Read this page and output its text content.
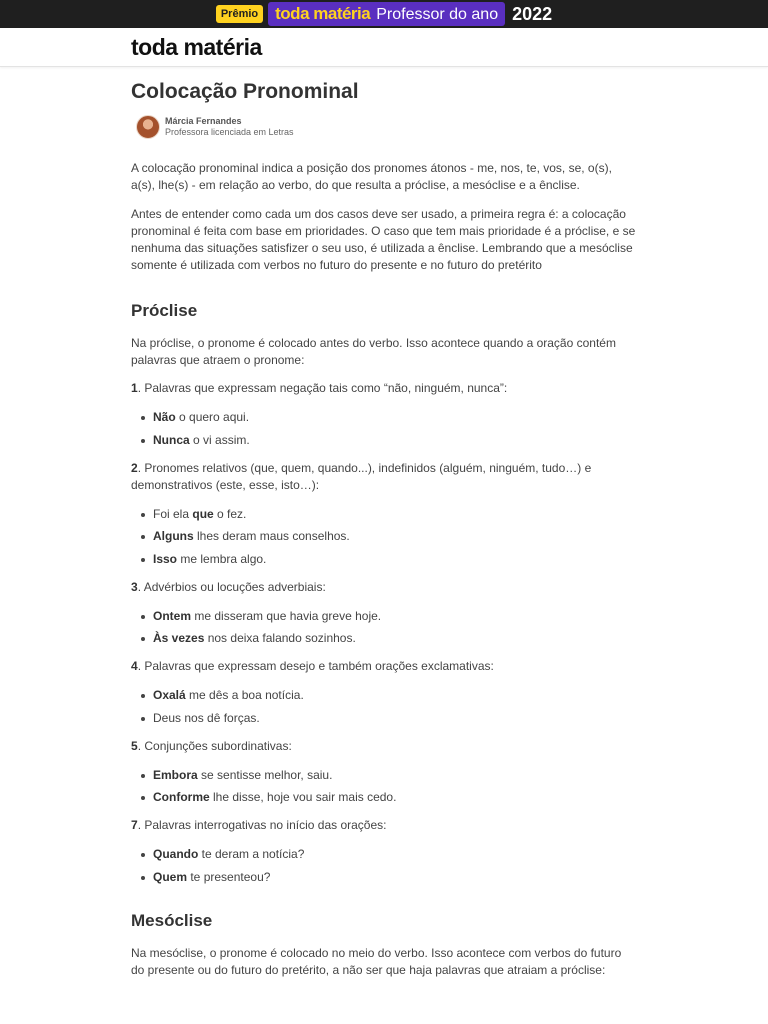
Prêmio toda matéria Professor do ano 2022
toda matéria
Colocação Pronominal
Márcia Fernandes
Professora licenciada em Letras

A colocação pronominal indica a posição dos pronomes átonos - me, nos, te, vos, se, o(s), a(s), lhe(s) - em relação ao verbo, do que resulta a próclise, a mesóclise e a ênclise.

Antes de entender como cada um dos casos deve ser usado, a primeira regra é: a colocação pronominal é feita com base em prioridades. O caso que tem mais prioridade é a próclise, e se nenhuma das situações satisfizer o seu uso, é utilizada a ênclise. Lembrando que a mesóclise somente é utilizada com verbos no futuro do presente e no futuro do pretérito

Próclise

Na próclise, o pronome é colocado antes do verbo. Isso acontece quando a oração contém palavras que atraem o pronome:

1. Palavras que expressam negação tais como “não, ninguém, nunca”:

Não o quero aqui.
Nunca o vi assim.

2. Pronomes relativos (que, quem, quando...), indefinidos (alguém, ninguém, tudo…) e demonstrativos (este, esse, isto…):

Foi ela que o fez.
Alguns lhes deram maus conselhos.
Isso me lembra algo.

3. Advérbios ou locuções adverbiais:

Ontem me disseram que havia greve hoje.
Às vezes nos deixa falando sozinhos.

4. Palavras que expressam desejo e também orações exclamativas:

Oxalá me dês a boa notícia.
Deus nos dê forças.

5. Conjunções subordinativas:

Embora se sentisse melhor, saiu.
Conforme lhe disse, hoje vou sair mais cedo.

7. Palavras interrogativas no início das orações:

Quando te deram a notícia?
Quem te presenteou?
Mesóclise

Na mesóclise, o pronome é colocado no meio do verbo. Isso acontece com verbos do futuro do presente ou do futuro do pretérito, a não ser que haja palavras que atraiam a próclise:
